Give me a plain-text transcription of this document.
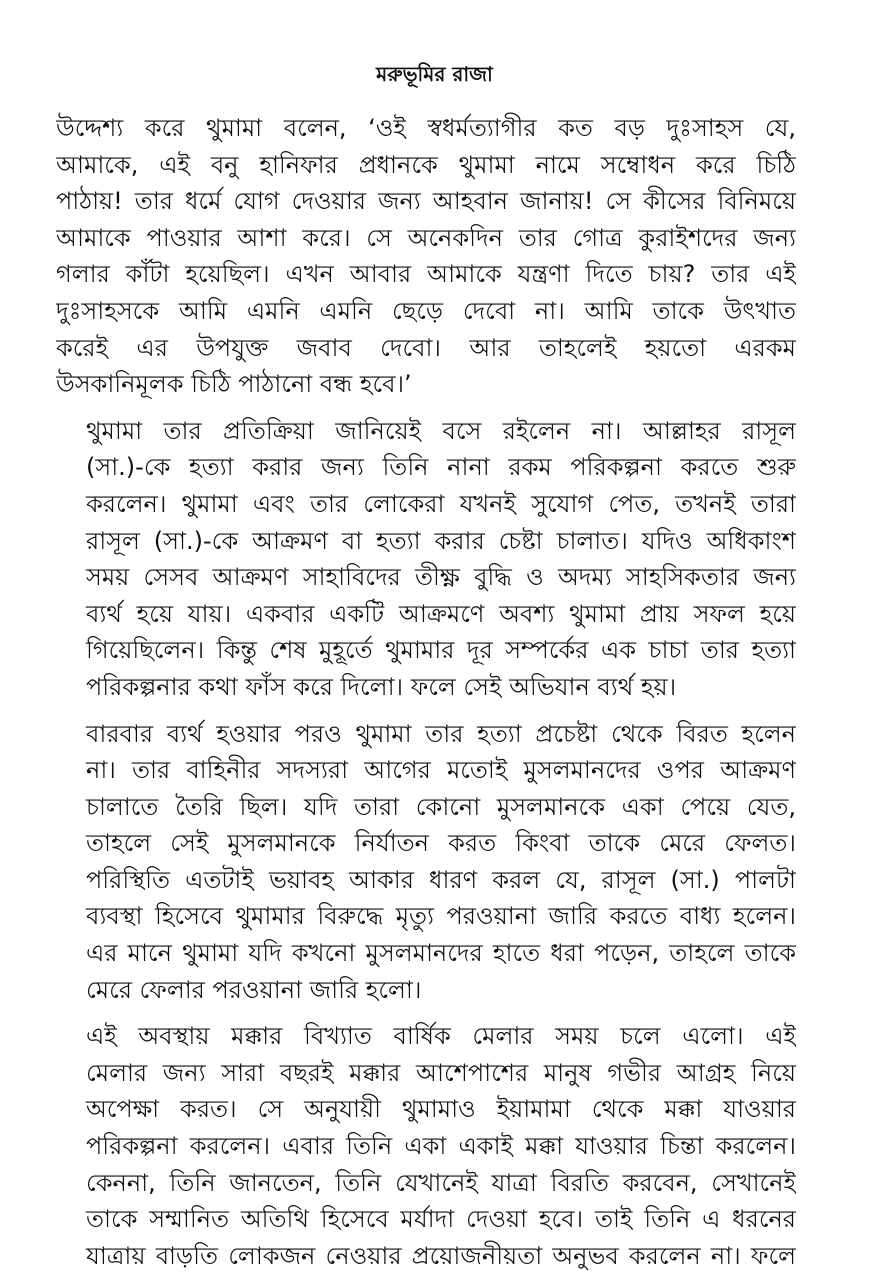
মরুভূমির রাজা
উদ্দেশ্য করে থুমামা বলেন, ‘ওই স্বধর্মত্যাগীর কত বড় দুঃসাহস যে,
আমাকে, এই বনু হানিফার প্রধানকে থুমামা নামে সম্বোধন করে চিঠি
পাঠায়! তার ধর্মে যোগ দেওয়ার জন্য আহবান জানায়! সে কীসের বিনিময়ে
আমাকে পাওয়ার আশা করে। সে অনেকদিন তার গোত্র কুরাইশদের জন্য
গলার কাঁটা হয়েছিল। এখন আবার আমাকে যন্ত্রণা দিতে চায়? তার এই
দুঃসাহসকে আমি এমনি এমনি ছেড়ে দেবো না। আমি তাকে উৎখাত
করেই এর উপযুক্ত জবাব দেবো। আর তাহলেই হয়তো এরকম
উসকানিমূলক চিঠি পাঠানো বন্ধ হবে।’
থুমামা তার প্রতিক্রিয়া জানিয়েই বসে রইলেন না। আল্লাহর রাসূল
(সা.)-কে হত্যা করার জন্য তিনি নানা রকম পরিকল্পনা করতে শুরু
করলেন। থুমামা এবং তার লোকেরা যখনই সুযোগ পেত, তখনই তারা
রাসূল (সা.)-কে আক্রমণ বা হত্যা করার চেষ্টা চালাত। যদিও অধিকাংশ
সময় সেসব আক্রমণ সাহাবিদের তীক্ষ্ণ বুদ্ধি ও অদম্য সাহসিকতার জন্য
ব্যর্থ হয়ে যায়। একবার একটি আক্রমণে অবশ্য থুমামা প্রায় সফল হয়ে
গিয়েছিলেন। কিন্তু শেষ মুহূর্তে থুমামার দূর সম্পর্কের এক চাচা তার হত্যা
পরিকল্পনার কথা ফাঁস করে দিলো। ফলে সেই অভিযান ব্যর্থ হয়।
বারবার ব্যর্থ হওয়ার পরও থুমামা তার হত্যা প্রচেষ্টা থেকে বিরত হলেন
না। তার বাহিনীর সদস্যরা আগের মতোই মুসলমানদের ওপর আক্রমণ
চালাতে তৈরি ছিল। যদি তারা কোনো মুসলমানকে একা পেয়ে যেত,
তাহলে সেই মুসলমানকে নির্যাতন করত কিংবা তাকে মেরে ফেলত।
পরিস্থিতি এতটাই ভয়াবহ আকার ধারণ করল যে, রাসূল (সা.) পালটা
ব্যবস্থা হিসেবে থুমামার বিরুদ্ধে মৃত্যু পরওয়ানা জারি করতে বাধ্য হলেন।
এর মানে থুমামা যদি কখনো মুসলমানদের হাতে ধরা পড়েন, তাহলে তাকে
মেরে ফেলার পরওয়ানা জারি হলো।
এই অবস্থায় মক্কার বিখ্যাত বার্ষিক মেলার সময় চলে এলো। এই
মেলার জন্য সারা বছরই মক্কার আশেপাশের মানুষ গভীর আগ্রহ নিয়ে
অপেক্ষা করত। সে অনুযায়ী থুমামাও ইয়ামামা থেকে মক্কা যাওয়ার
পরিকল্পনা করলেন। এবার তিনি একা একাই মক্কা যাওয়ার চিন্তা করলেন।
কেননা, তিনি জানতেন, তিনি যেখানেই যাত্রা বিরতি করবেন, সেখানেই
তাকে সম্মানিত অতিথি হিসেবে মর্যাদা দেওয়া হবে। তাই তিনি এ ধরনের
যাত্রায় বাড়তি লোকজন নেওয়ার প্রয়োজনীয়তা অনুভব করলেন না। ফলে
